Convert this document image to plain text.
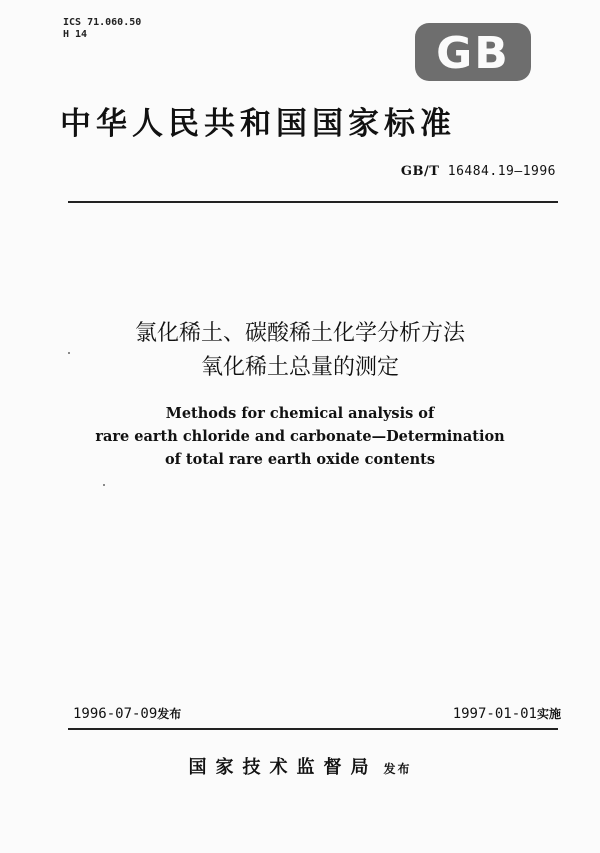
ICS 71.060.50
H 14	GB
中华人民共和国国家标准
GB/T 16484.19—1996
氯化稀土、碳酸稀土化学分析方法
氧化稀土总量的测定
Methods for chemical analysis of
rare earth chloride and carbonate—Determination
of total rare earth oxide contents
1996-07-09发布	1997-01-01实施
国家技术监督局 发布
